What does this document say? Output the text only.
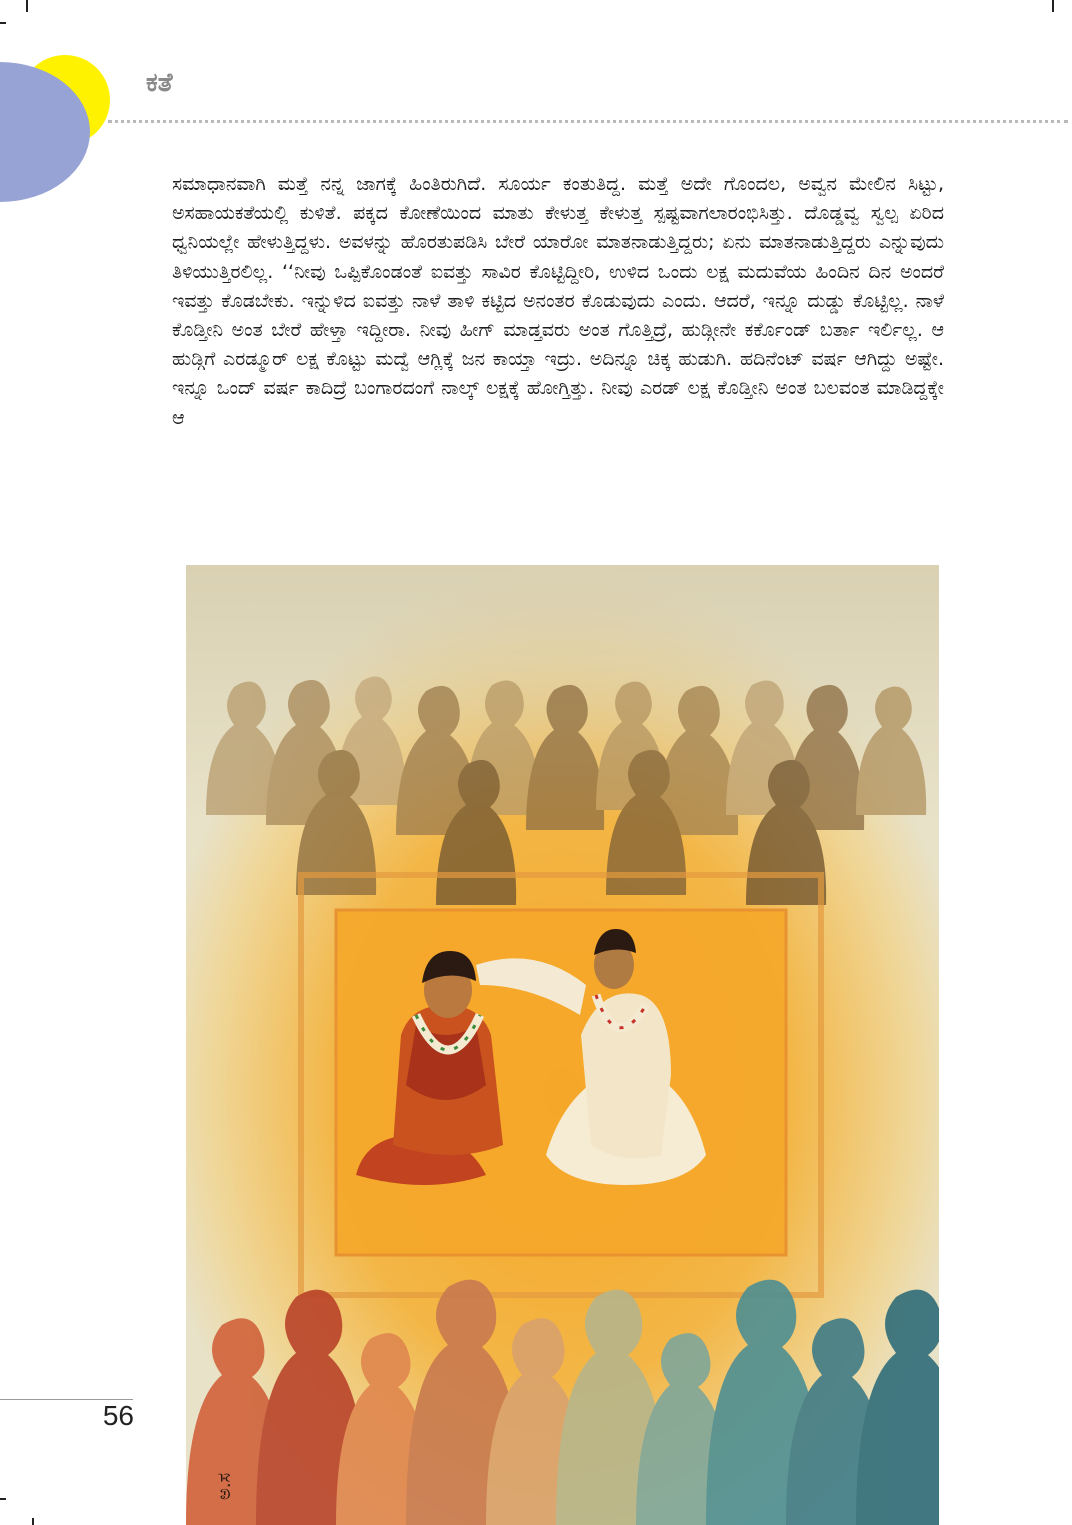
ಕತೆ

ಸಮಾಧಾನವಾಗಿ ಮತ್ತೆ ನನ್ನ ಜಾಗಕ್ಕೆ ಹಿಂತಿರುಗಿದೆ. ಸೂರ್ಯ ಕಂತುತಿದ್ದ. ಮತ್ತೆ ಅದೇ ಗೊಂದಲ, ಅವ್ವನ ಮೇಲಿನ ಸಿಟ್ಟು, ಅಸಹಾಯಕತೆಯಲ್ಲಿ ಕುಳಿತೆ. ಪಕ್ಕದ ಕೋಣೆಯಿಂದ ಮಾತು ಕೇಳುತ್ತ ಕೇಳುತ್ತ ಸ್ಪಷ್ಟವಾಗಲಾರಂಭಿಸಿತ್ತು. ದೊಡ್ಡವ್ವ ಸ್ವಲ್ಪ ಏರಿದ ಧ್ವನಿಯಲ್ಲೇ ಹೇಳುತ್ತಿದ್ದಳು. ಅವಳನ್ನು ಹೊರತುಪಡಿಸಿ ಬೇರೆ ಯಾರೋ ಮಾತನಾಡುತ್ತಿದ್ದರು; ಏನು ಮಾತನಾಡುತ್ತಿದ್ದರು ಎನ್ನುವುದು ತಿಳಿಯುತ್ತಿರಲಿಲ್ಲ. ‘‘ನೀವು ಒಪ್ಪಿಕೊಂಡಂತೆ ಐವತ್ತು ಸಾವಿರ ಕೊಟ್ಟಿದ್ದೀರಿ, ಉಳಿದ ಒಂದು ಲಕ್ಷ ಮದುವೆಯ ಹಿಂದಿನ ದಿನ ಅಂದರೆ ಇವತ್ತು ಕೊಡಬೇಕು. ಇನ್ನುಳಿದ ಐವತ್ತು ನಾಳೆ ತಾಳಿ ಕಟ್ಟಿದ ಅನಂತರ ಕೊಡುವುದು ಎಂದು. ಆದರೆ, ಇನ್ನೂ ದುಡ್ಡು ಕೊಟ್ಟಿಲ್ಲ. ನಾಳೆ ಕೊಡ್ತೀನಿ ಅಂತ ಬೇರೆ ಹೇಳ್ತಾ ಇದ್ದೀರಾ. ನೀವು ಹೀಗ್ ಮಾಡ್ತವರು ಅಂತ ಗೊತ್ತಿದ್ರೆ, ಹುಡ್ಗೀನೇ ಕರ್ಕೊಂಡ್ ಬರ್ತಾ ಇರ್ಲಿಲ್ಲ. ಆ ಹುಡ್ಗಿಗೆ ಎರಡ್ಮೂರ್ ಲಕ್ಷ ಕೊಟ್ಟು ಮದ್ವೆ ಆಗ್ಲಿಕ್ಕೆ ಜನ ಕಾಯ್ತಾ ಇದ್ರು. ಅದಿನ್ನೂ ಚಿಕ್ಕ ಹುಡುಗಿ. ಹದಿನೆಂಟ್ ವರ್ಷ ಆಗಿದ್ದು ಅಷ್ಟೇ. ಇನ್ನೂ ಒಂದ್ ವರ್ಷ ಕಾದಿದ್ರೆ ಬಂಗಾರದಂಗೆ ನಾಲ್ಕ್ ಲಕ್ಷಕ್ಕೆ ಹೋಗ್ತಿತ್ತು. ನೀವು ಎರಡ್ ಲಕ್ಷ ಕೊಡ್ತೀನಿ ಅಂತ ಬಲವಂತ ಮಾಡಿದ್ದಕ್ಕೇ ಆ

ಅ.ಸ
56
